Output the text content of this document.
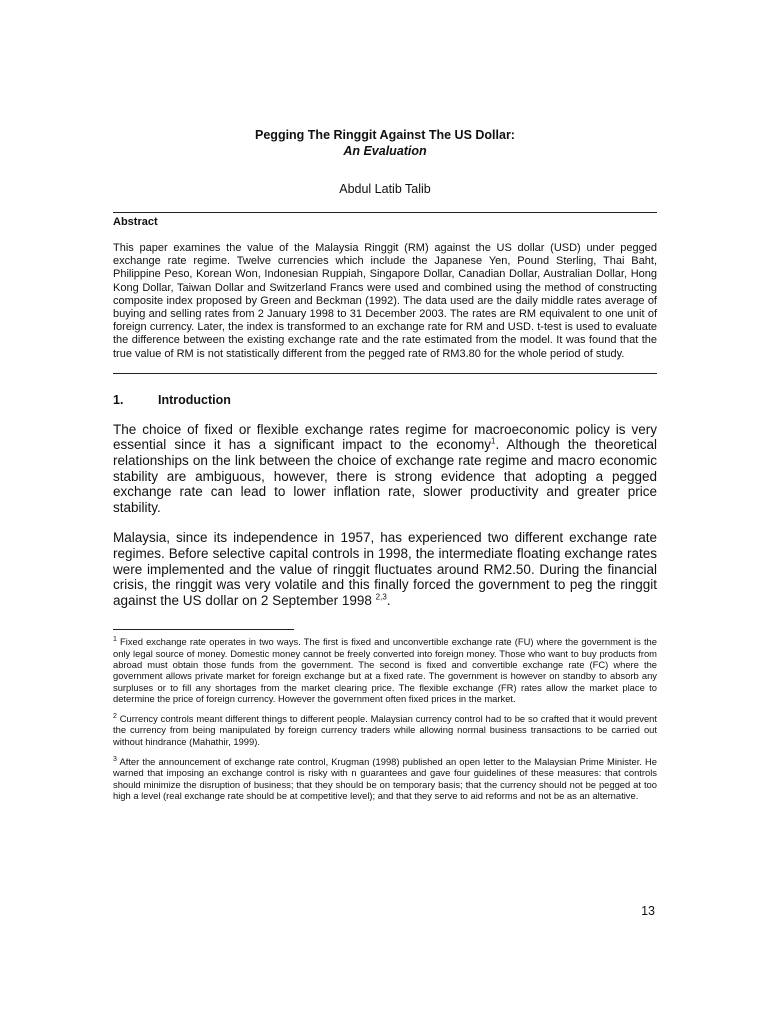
Pegging The Ringgit Against The US Dollar:
An Evaluation
Abdul Latib Talib
Abstract
This paper examines the value of the Malaysia Ringgit (RM) against the US dollar (USD) under pegged exchange rate regime. Twelve currencies which include the Japanese Yen, Pound Sterling, Thai Baht, Philippine Peso, Korean Won, Indonesian Ruppiah, Singapore Dollar, Canadian Dollar, Australian Dollar, Hong Kong Dollar, Taiwan Dollar and Switzerland Francs were used and combined using the method of constructing composite index proposed by Green and Beckman (1992). The data used are the daily middle rates average of buying and selling rates from 2 January 1998 to 31 December 2003. The rates are RM equivalent to one unit of foreign currency. Later, the index is transformed to an exchange rate for RM and USD. t-test is used to evaluate the difference between the existing exchange rate and the rate estimated from the model. It was found that the true value of RM is not statistically different from the pegged rate of RM3.80 for the whole period of study.
1.	Introduction

The choice of fixed or flexible exchange rates regime for macroeconomic policy is very essential since it has a significant impact to the economy$^1$. Although the theoretical relationships on the link between the choice of exchange rate regime and macro economic stability are ambiguous, however, there is strong evidence that adopting a pegged exchange rate can lead to lower inflation rate, slower productivity and greater price stability.

Malaysia, since its independence in 1957, has experienced two different exchange rate regimes. Before selective capital controls in 1998, the intermediate floating exchange rates were implemented and the value of ringgit fluctuates around RM2.50. During the financial crisis, the ringgit was very volatile and this finally forced the government to peg the ringgit against the US dollar on 2 September 1998 $^{2,3}$.

$^1$ Fixed exchange rate operates in two ways. The first is fixed and unconvertible exchange rate (FU) where the government is the only legal source of money. Domestic money cannot be freely converted into foreign money. Those who want to buy products from abroad must obtain those funds from the government. The second is fixed and convertible exchange rate (FC) where the government allows private market for foreign exchange but at a fixed rate. The government is however on standby to absorb any surpluses or to fill any shortages from the market clearing price. The flexible exchange (FR) rates allow the market place to determine the price of foreign currency. However the government often fixed prices in the market.
$^2$ Currency controls meant different things to different people. Malaysian currency control had to be so crafted that it would prevent the currency from being manipulated by foreign currency traders while allowing normal business transactions to be carried out without hindrance (Mahathir, 1999).
$^3$ After the announcement of exchange rate control, Krugman (1998) published an open letter to the Malaysian Prime Minister. He warned that imposing an exchange control is risky with n guarantees and gave four guidelines of these measures: that controls should minimize the disruption of business; that they should be on temporary basis; that the currency should not be pegged at too high a level (real exchange rate should be at competitive level); and that they serve to aid reforms and not be as an alternative.
13
